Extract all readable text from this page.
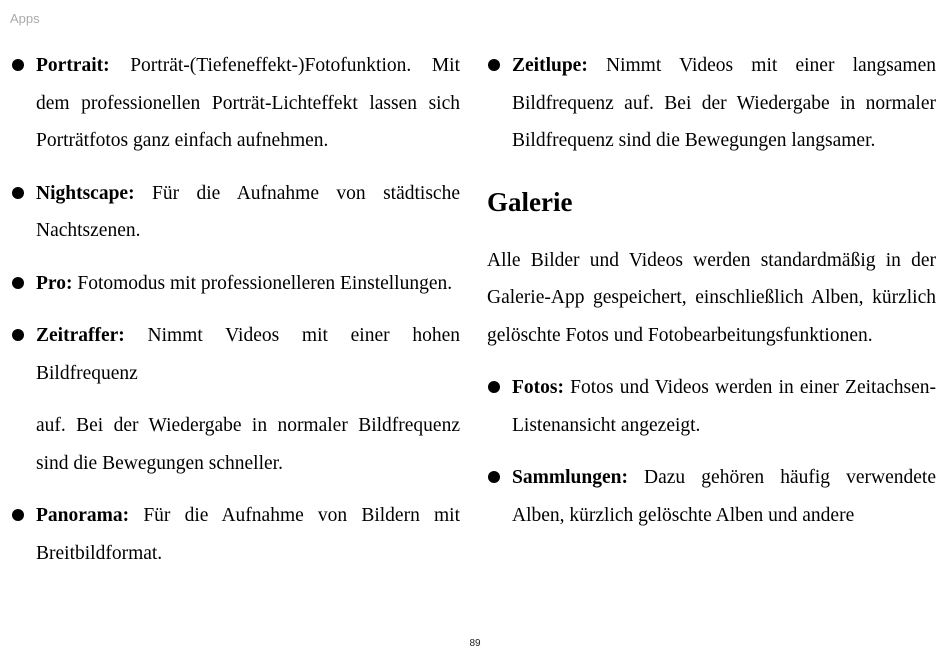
Apps
Portrait: Porträt-(Tiefeneffekt-)Fotofunktion. Mit dem professionellen Porträt-Lichteffekt lassen sich Porträtfotos ganz einfach aufnehmen.
Nightscape: Für die Aufnahme von städtische Nachtszenen.
Pro: Fotomodus mit professionelleren Einstellungen.
Zeitraffer: Nimmt Videos mit einer hohen Bildfrequenz
auf. Bei der Wiedergabe in normaler Bildfrequenz sind die Bewegungen schneller.
Panorama: Für die Aufnahme von Bildern mit Breitbildformat.
Zeitlupe: Nimmt Videos mit einer langsamen Bildfrequenz auf. Bei der Wiedergabe in normaler Bildfrequenz sind die Bewegungen langsamer.
Galerie
Alle Bilder und Videos werden standardmäßig in der Galerie-App gespeichert, einschließlich Alben, kürzlich gelöschte Fotos und Fotobearbeitungsfunktionen.
Fotos: Fotos und Videos werden in einer Zeitachsen-Listenansicht angezeigt.
Sammlungen: Dazu gehören häufig verwendete Alben, kürzlich gelöschte Alben und andere
89
